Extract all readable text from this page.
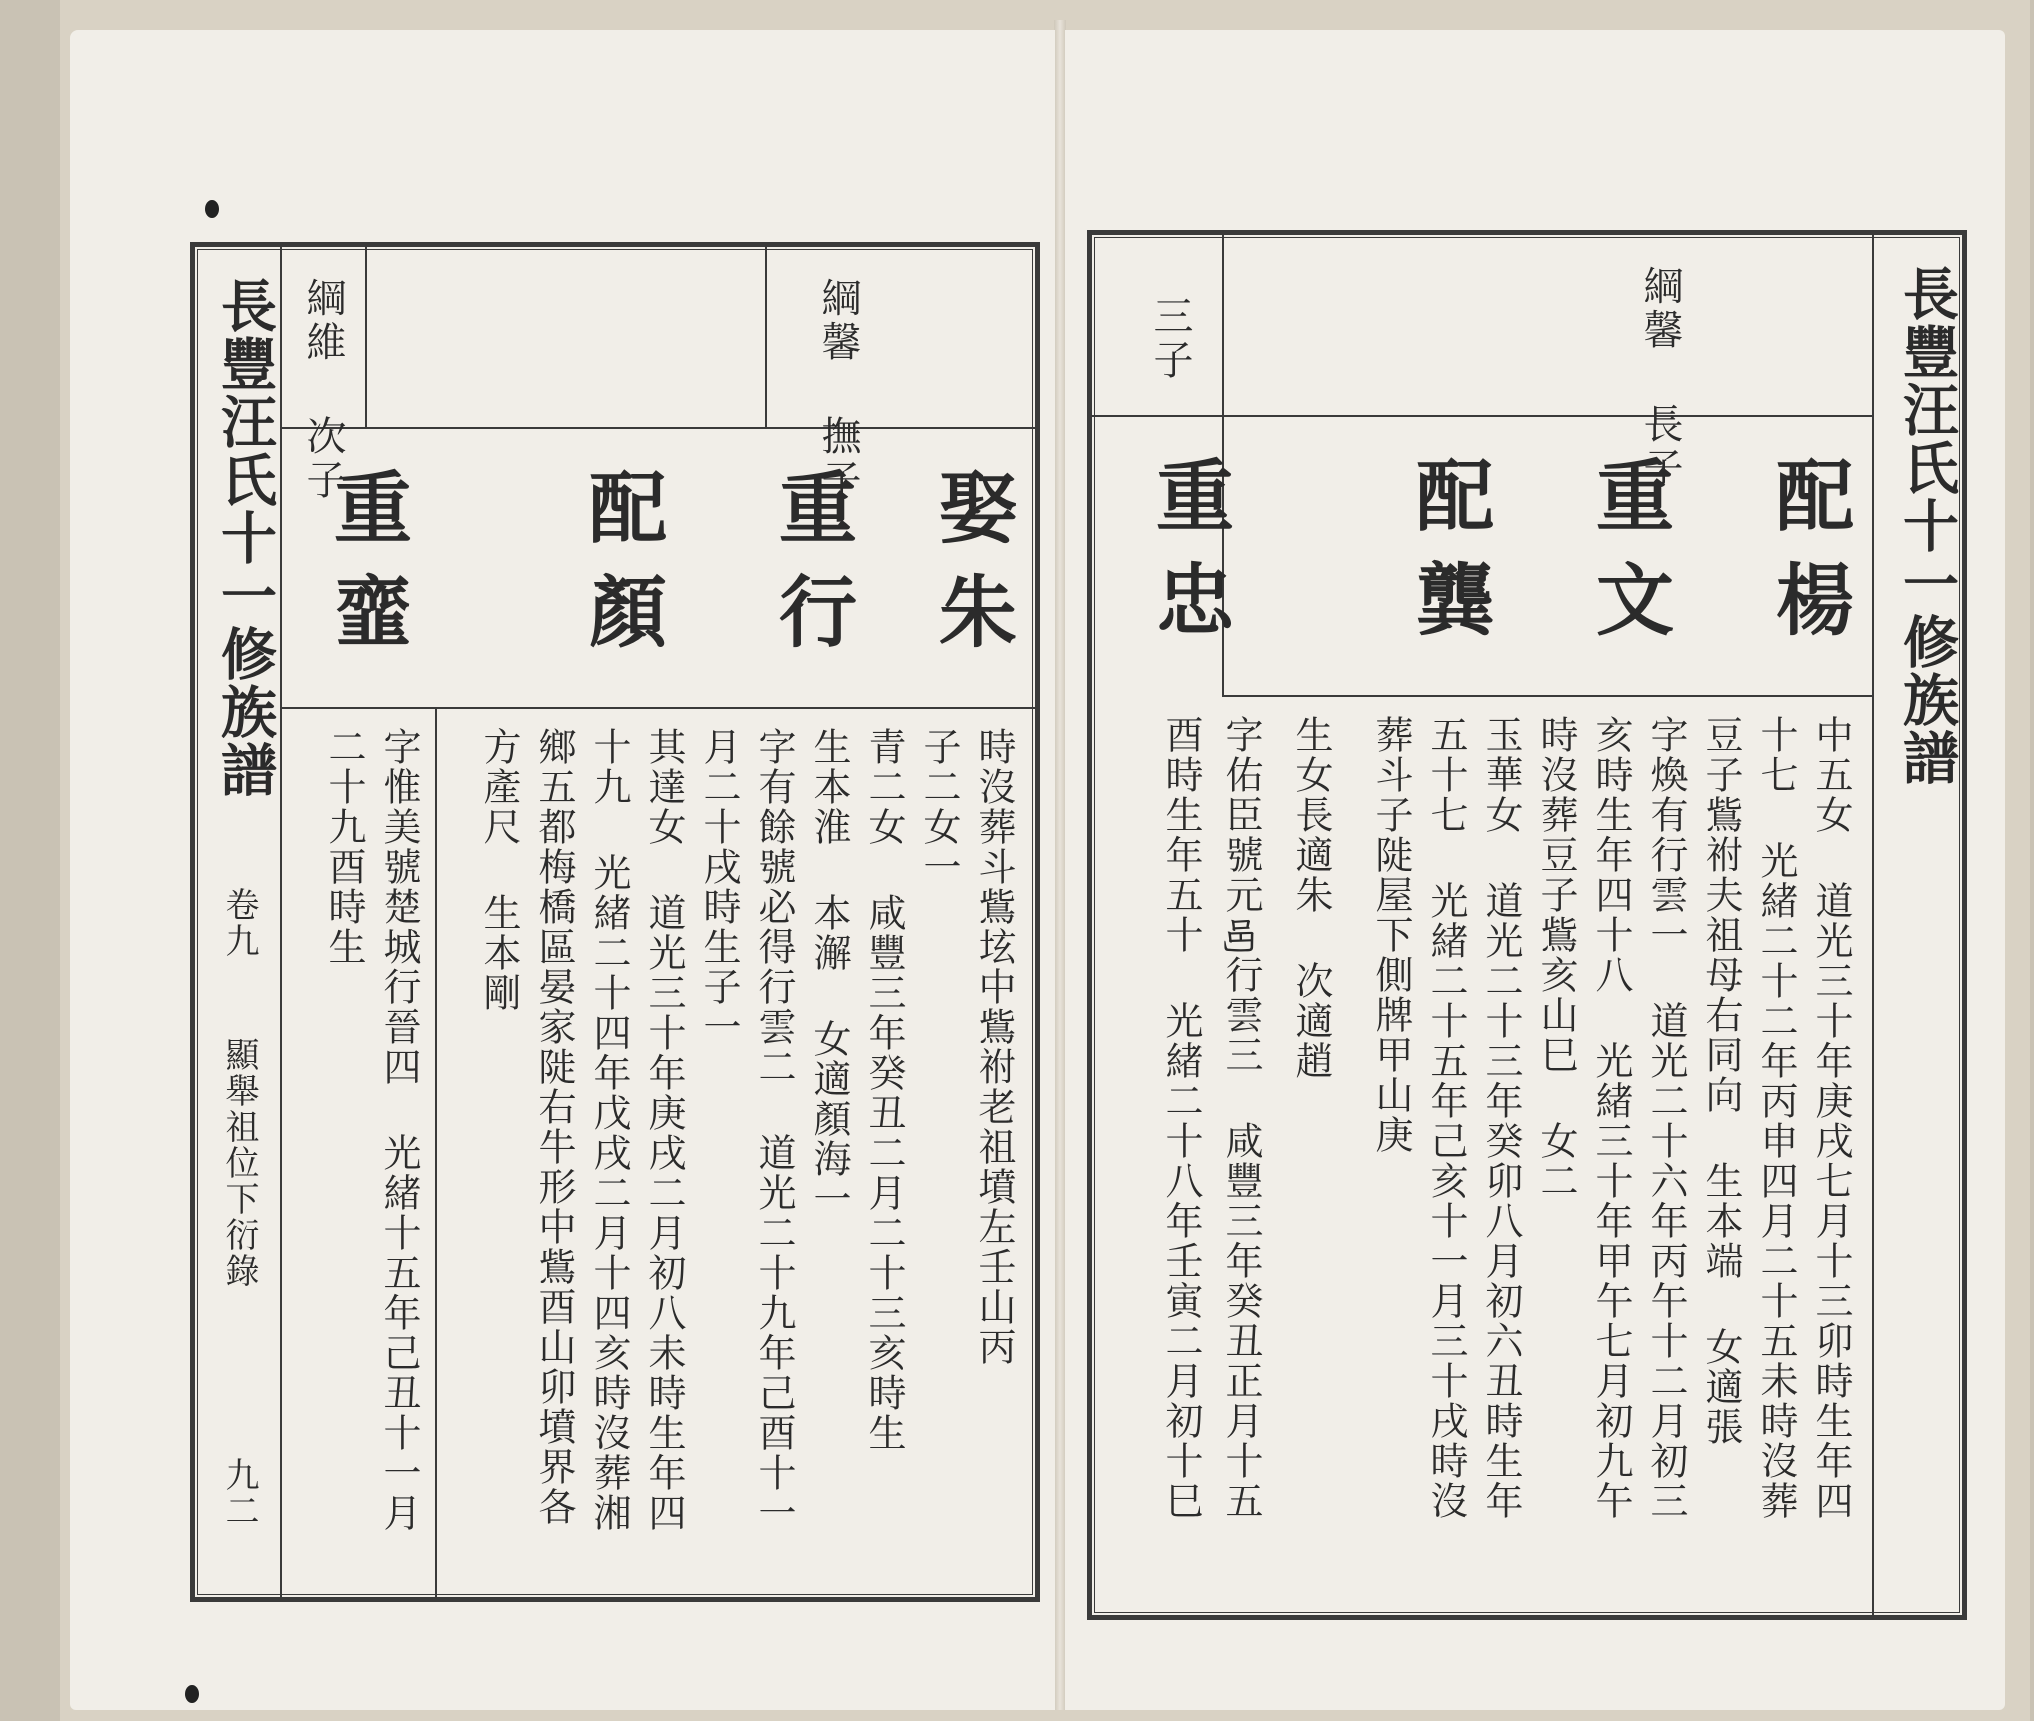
長豐汪氏十一修族譜
卷九
顯舉祖位下衍錄
九二
綱馨 撫子
綱維 次子
娶朱
重行
配顏
重韲
時沒葬斗鴜𡊨中鴜祔老祖墳左壬山丙
子二女一
青二女 咸豐三年癸丑二月二十三亥時生
生本淮 本澥 女適顏海一
字有餘號必得行雲二 道光二十九年己酉十一
月二十戌時生子一
其達女 道光三十年庚戌二月初八未時生年四
十九 光緒二十四年戊戌二月十四亥時沒葬湘
鄉五都梅橋區晏家𨺗右牛形中鴜酉山卯墳界各
方產尺 生本剛
字惟美號楚城行晉四 光緒十五年己丑十一月
二十九酉時生
長豐汪氏十一修族譜
綱馨 長子
三子
配楊
重文
配龔
重忠
中五女 道光三十年庚戌七月十三卯時生年四
十七 光緒二十二年丙申四月二十五未時沒葬
豆子鴜祔夫祖母右同向 生本端 女適張
字煥有行雲一 道光二十六年丙午十二月初三
亥時生年四十八 光緒三十年甲午七月初九午
時沒葬豆子鴜亥山巳 女二
玉華女 道光二十三年癸卯八月初六丑時生年
五十七 光緒二十五年己亥十一月三十戌時沒
葬斗子𨺗屋下側牌甲山庚
生女長適朱 次適趙
字佑臣號元𨙨行雲三 咸豐三年癸丑正月十五
酉時生年五十 光緒二十八年壬寅二月初十巳
